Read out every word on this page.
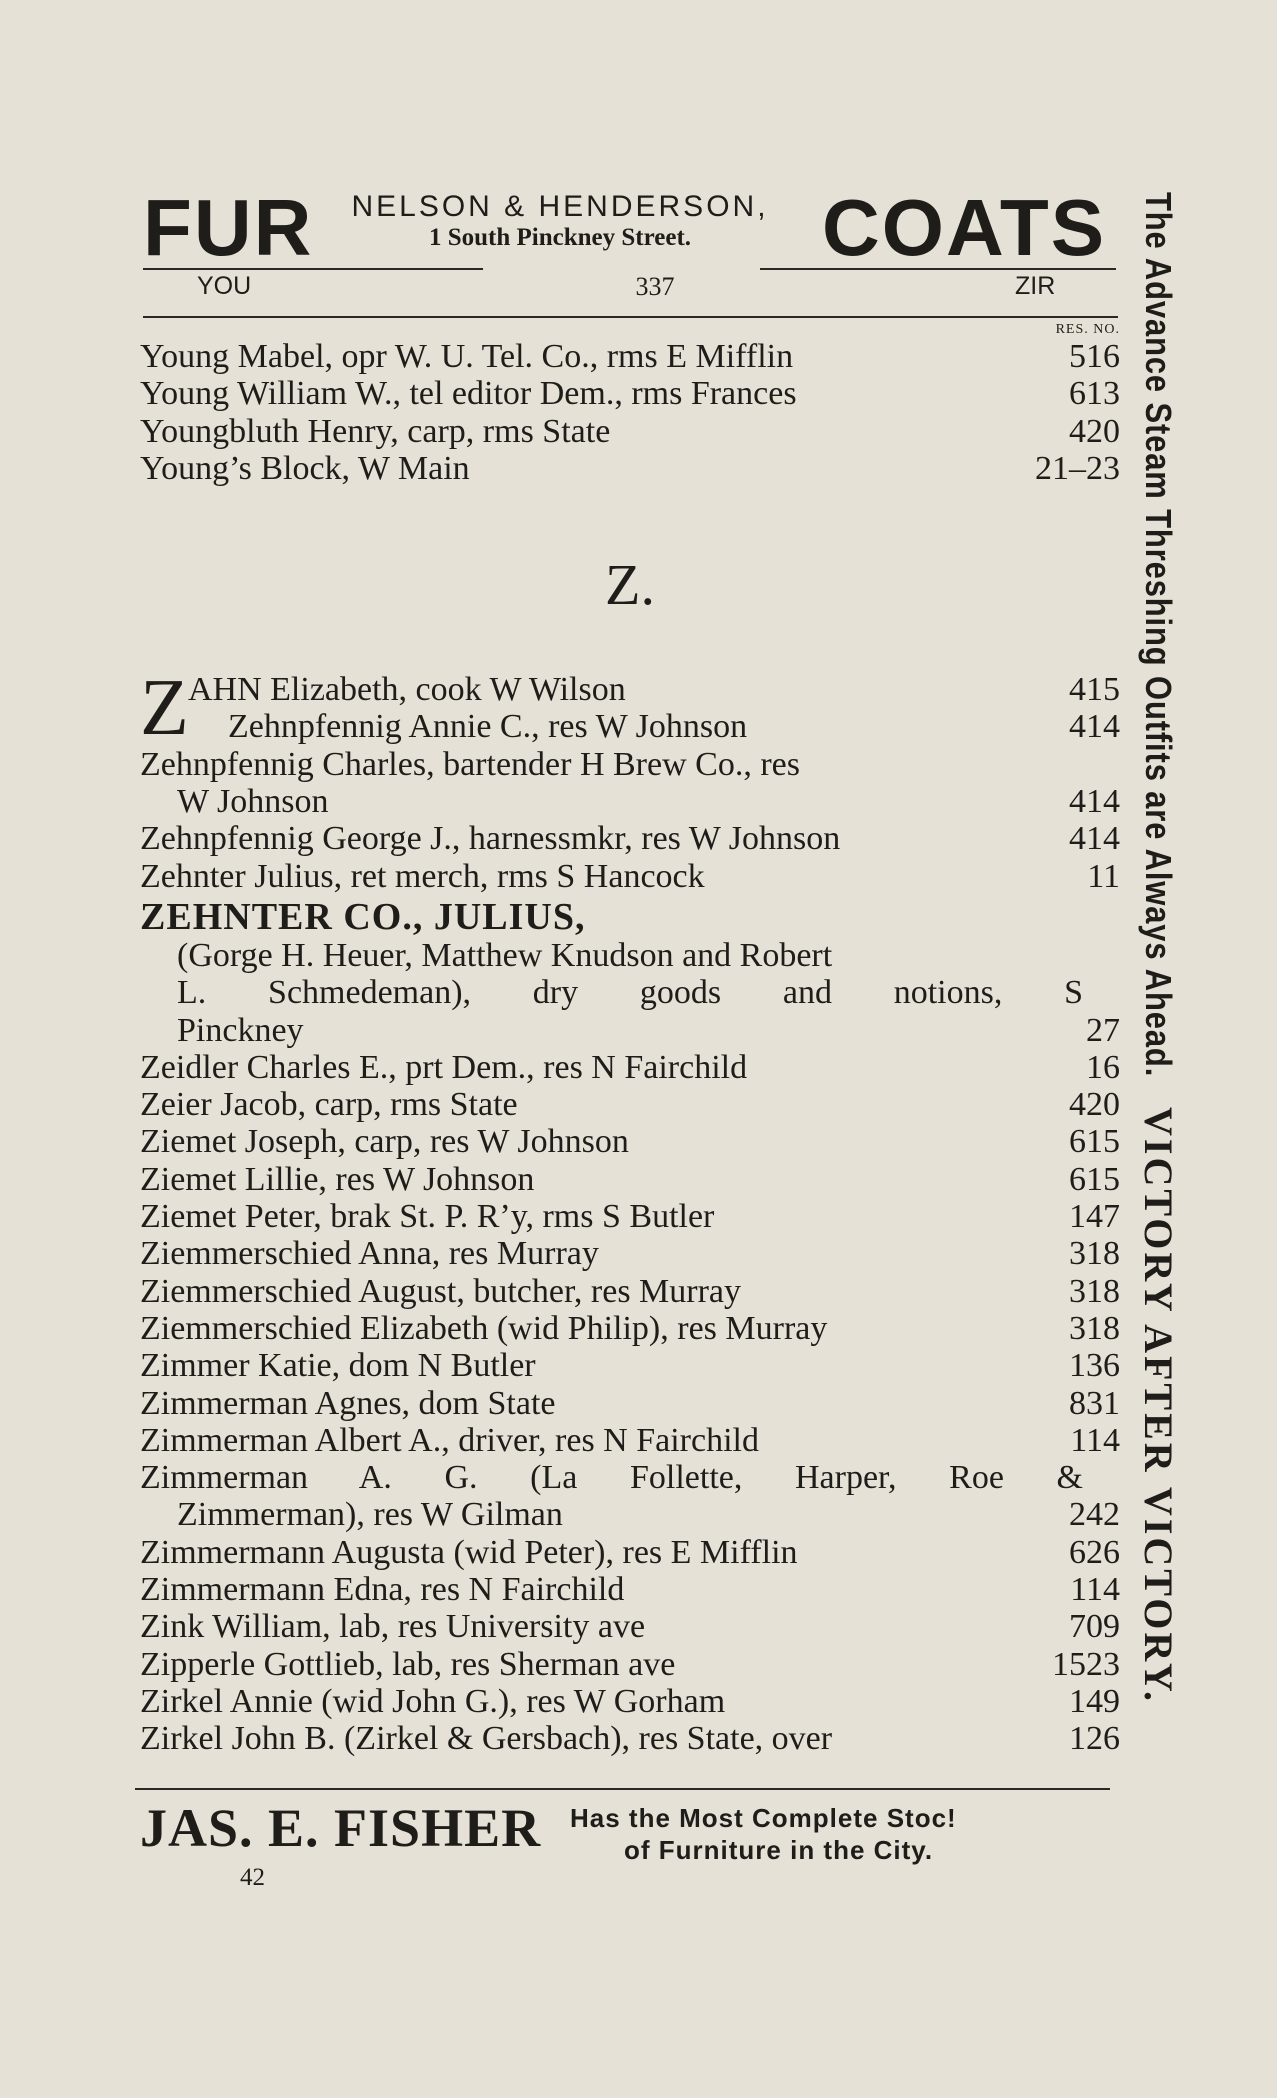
FUR	NELSON & HENDERSON,
1 South Pinckney Street.	COATS
YOU	337	ZIR
RES. NO.
Young Mabel, opr W. U. Tel. Co., rms E Mifflin	516
Young William W., tel editor Dem., rms Frances	613
Youngbluth Henry, carp, rms State	420
Young’s Block, W Main	21–23
Z.
Z AHN Elizabeth, cook W Wilson	415
Zehnpfennig Annie C., res W Johnson	414
Zehnpfennig Charles, bartender H Brew Co., res
W Johnson	414
Zehnpfennig George J., harnessmkr, res W Johnson	414
Zehnter Julius, ret merch, rms S Hancock	11
ZEHNTER CO., JULIUS,
(Gorge H. Heuer, Matthew Knudson and Robert
L. Schmedeman), dry goods and notions, S
Pinckney	27
Zeidler Charles E., prt Dem., res N Fairchild	16
Zeier Jacob, carp, rms State	420
Ziemet Joseph, carp, res W Johnson	615
Ziemet Lillie, res W Johnson	615
Ziemet Peter, brak St. P. R’y, rms S Butler	147
Ziemmerschied Anna, res Murray	318
Ziemmerschied August, butcher, res Murray	318
Ziemmerschied Elizabeth (wid Philip), res Murray	318
Zimmer Katie, dom N Butler	136
Zimmerman Agnes, dom State	831
Zimmerman Albert A., driver, res N Fairchild	114
Zimmerman A. G. (La Follette, Harper, Roe &
Zimmerman), res W Gilman	242
Zimmermann Augusta (wid Peter), res E Mifflin	626
Zimmermann Edna, res N Fairchild	114
Zink William, lab, res University ave	709
Zipperle Gottlieb, lab, res Sherman ave	1523
Zirkel Annie (wid John G.), res W Gorham	149
Zirkel John B. (Zirkel & Gersbach), res State, over	126
JAS. E. FISHER Has the Most Complete Stoc!
of Furniture in the City.
42
The Advance Steam Threshing Outfits are Always Ahead.
VICTORY AFTER VICTORY.
